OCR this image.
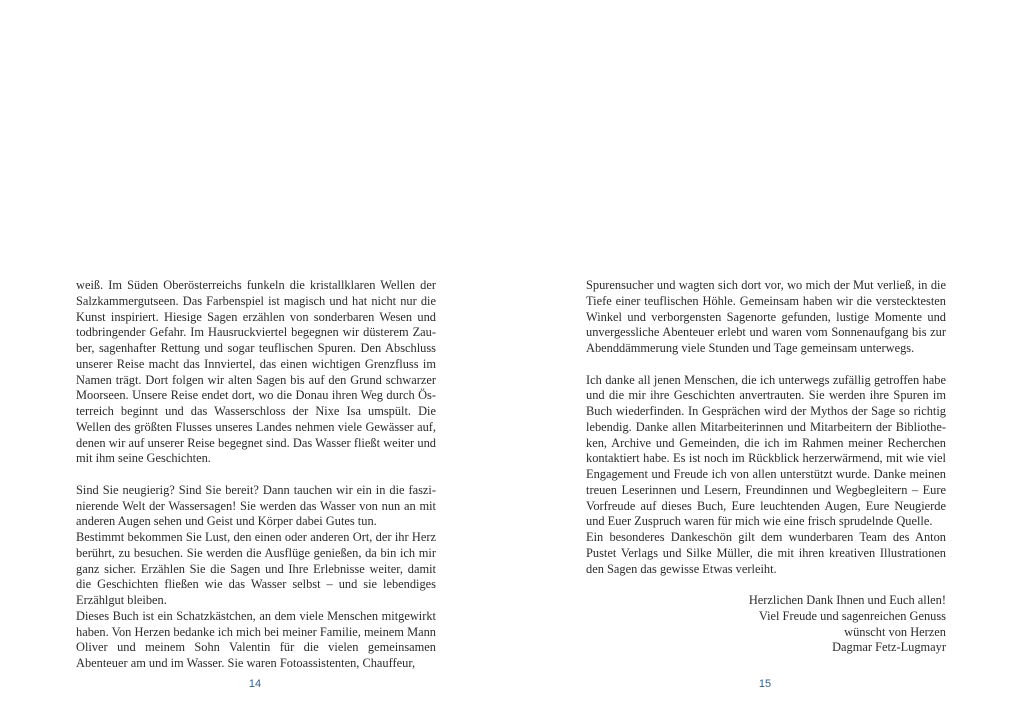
weiß. Im Süden Oberösterreichs funkeln die kristallklaren Wellen der Salzkammergutseen. Das Farbenspiel ist magisch und hat nicht nur die Kunst inspiriert. Hiesige Sagen erzählen von sonderbaren Wesen und todbringender Gefahr. Im Hausruckviertel begegnen wir düsterem Zauber, sagenhafter Rettung und sogar teuflischen Spuren. Den Abschluss unserer Reise macht das Innviertel, das einen wichtigen Grenzfluss im Namen trägt. Dort folgen wir alten Sagen bis auf den Grund schwarzer Moorseen. Unsere Reise endet dort, wo die Donau ihren Weg durch Österreich beginnt und das Wasserschloss der Nixe Isa umspült. Die Wellen des größten Flusses unseres Landes nehmen viele Gewässer auf, denen wir auf unserer Reise begegnet sind. Das Wasser fließt weiter und mit ihm seine Geschichten.

Sind Sie neugierig? Sind Sie bereit? Dann tauchen wir ein in die faszinierende Welt der Wassersagen! Sie werden das Wasser von nun an mit anderen Augen sehen und Geist und Körper dabei Gutes tun.

Bestimmt bekommen Sie Lust, den einen oder anderen Ort, der ihr Herz berührt, zu besuchen. Sie werden die Ausflüge genießen, da bin ich mir ganz sicher. Erzählen Sie die Sagen und Ihre Erlebnisse weiter, damit die Geschichten fließen wie das Wasser selbst – und sie lebendiges Erzählgut bleiben.

Dieses Buch ist ein Schatzkästchen, an dem viele Menschen mitgewirkt haben. Von Herzen bedanke ich mich bei meiner Familie, meinem Mann Oliver und meinem Sohn Valentin für die vielen gemeinsamen Abenteuer am und im Wasser. Sie waren Fotoassistenten, Chauffeur,

14

Spurensucher und wagten sich dort vor, wo mich der Mut verließ, in die Tiefe einer teuflischen Höhle. Gemeinsam haben wir die verstecktesten Winkel und verborgensten Sagenorte gefunden, lustige Momente und unvergessliche Abenteuer erlebt und waren vom Sonnenaufgang bis zur Abenddämmerung viele Stunden und Tage gemeinsam unterwegs.

Ich danke all jenen Menschen, die ich unterwegs zufällig getroffen habe und die mir ihre Geschichten anvertrauten. Sie werden ihre Spuren im Buch wiederfinden. In Gesprächen wird der Mythos der Sage so richtig lebendig. Danke allen Mitarbeiterinnen und Mitarbeitern der Bibliotheken, Archive und Gemeinden, die ich im Rahmen meiner Recherchen kontaktiert habe. Es ist noch im Rückblick herzerwärmend, mit wie viel Engagement und Freude ich von allen unterstützt wurde. Danke meinen treuen Leserinnen und Lesern, Freundinnen und Wegbegleitern – Eure Vorfreude auf dieses Buch, Eure leuchtenden Augen, Eure Neugierde und Euer Zuspruch waren für mich wie eine frisch sprudelnde Quelle.

Ein besonderes Dankeschön gilt dem wunderbaren Team des Anton Pustet Verlags und Silke Müller, die mit ihren kreativen Illustrationen den Sagen das gewisse Etwas verleiht.

Herzlichen Dank Ihnen und Euch allen!
Viel Freude und sagenreichen Genuss
wünscht von Herzen
Dagmar Fetz-Lugmayr
15
